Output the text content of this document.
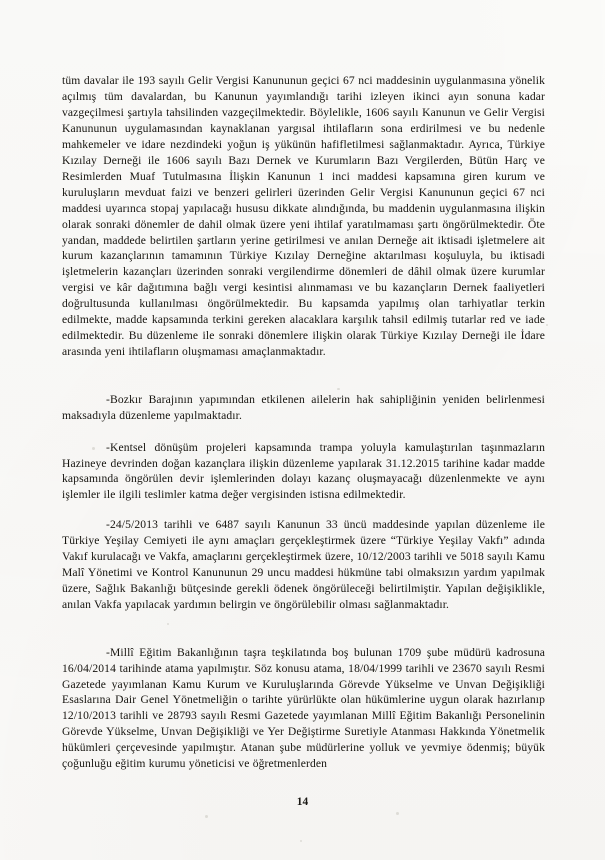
tüm davalar ile 193 sayılı Gelir Vergisi Kanununun geçici 67 nci maddesinin uygulanmasına yönelik açılmış tüm davalardan, bu Kanunun yayımlandığı tarihi izleyen ikinci ayın sonuna kadar vazgeçilmesi şartıyla tahsilinden vazgeçilmektedir. Böylelikle, 1606 sayılı Kanunun ve Gelir Vergisi Kanununun uygulamasından kaynaklanan yargısal ihtilafların sona erdirilmesi ve bu nedenle mahkemeler ve idare nezdindeki yoğun iş yükünün hafifletilmesi sağlanmaktadır. Ayrıca, Türkiye Kızılay Derneği ile 1606 sayılı Bazı Dernek ve Kurumların Bazı Vergilerden, Bütün Harç ve Resimlerden Muaf Tutulmasına İlişkin Kanunun 1 inci maddesi kapsamına giren kurum ve kuruluşların mevduat faizi ve benzeri gelirleri üzerinden Gelir Vergisi Kanununun geçici 67 nci maddesi uyarınca stopaj yapılacağı hususu dikkate alındığında, bu maddenin uygulanmasına ilişkin olarak sonraki dönemler de dahil olmak üzere yeni ihtilaf yaratılmaması şartı öngörülmektedir. Öte yandan, maddede belirtilen şartların yerine getirilmesi ve anılan Derneğe ait iktisadi işletmelere ait kurum kazançlarının tamamının Türkiye Kızılay Derneğine aktarılması koşuluyla, bu iktisadi işletmelerin kazançları üzerinden sonraki vergilendirme dönemleri de dâhil olmak üzere kurumlar vergisi ve kâr dağıtımına bağlı vergi kesintisi alınmaması ve bu kazançların Dernek faaliyetleri doğrultusunda kullanılması öngörülmektedir. Bu kapsamda yapılmış olan tarhiyatlar terkin edilmekte, madde kapsamında terkini gereken alacaklara karşılık tahsil edilmiş tutarlar red ve iade edilmektedir. Bu düzenleme ile sonraki dönemlere ilişkin olarak Türkiye Kızılay Derneği ile İdare arasında yeni ihtilafların oluşmaması amaçlanmaktadır.

-Bozkır Barajının yapımından etkilenen ailelerin hak sahipliğinin yeniden belirlenmesi maksadıyla düzenleme yapılmaktadır.

-Kentsel dönüşüm projeleri kapsamında trampa yoluyla kamulaştırılan taşınmazların Hazineye devrinden doğan kazançlara ilişkin düzenleme yapılarak 31.12.2015 tarihine kadar madde kapsamında öngörülen devir işlemlerinden dolayı kazanç oluşmayacağı düzenlenmekte ve aynı işlemler ile ilgili teslimler katma değer vergisinden istisna edilmektedir.

-24/5/2013 tarihli ve 6487 sayılı Kanunun 33 üncü maddesinde yapılan düzenleme ile Türkiye Yeşilay Cemiyeti ile aynı amaçları gerçekleştirmek üzere “Türkiye Yeşilay Vakfı” adında Vakıf kurulacağı ve Vakfa, amaçlarını gerçekleştirmek üzere, 10/12/2003 tarihli ve 5018 sayılı Kamu Malî Yönetimi ve Kontrol Kanununun 29 uncu maddesi hükmüne tabi olmaksızın yardım yapılmak üzere, Sağlık Bakanlığı bütçesinde gerekli ödenek öngörüleceği belirtilmiştir. Yapılan değişiklikle, anılan Vakfa yapılacak yardımın belirgin ve öngörülebilir olması sağlanmaktadır.

-Millî Eğitim Bakanlığının taşra teşkilatında boş bulunan 1709 şube müdürü kadrosuna 16/04/2014 tarihinde atama yapılmıştır. Söz konusu atama, 18/04/1999 tarihli ve 23670 sayılı Resmi Gazetede yayımlanan Kamu Kurum ve Kuruluşlarında Görevde Yükselme ve Unvan Değişikliği Esaslarına Dair Genel Yönetmeliğin o tarihte yürürlükte olan hükümlerine uygun olarak hazırlanıp 12/10/2013 tarihli ve 28793 sayılı Resmi Gazetede yayımlanan Millî Eğitim Bakanlığı Personelinin Görevde Yükselme, Unvan Değişikliği ve Yer Değiştirme Suretiyle Atanması Hakkında Yönetmelik hükümleri çerçevesinde yapılmıştır. Atanan şube müdürlerine yolluk ve yevmiye ödenmiş; büyük çoğunluğu eğitim kurumu yöneticisi ve öğretmenlerden

14
